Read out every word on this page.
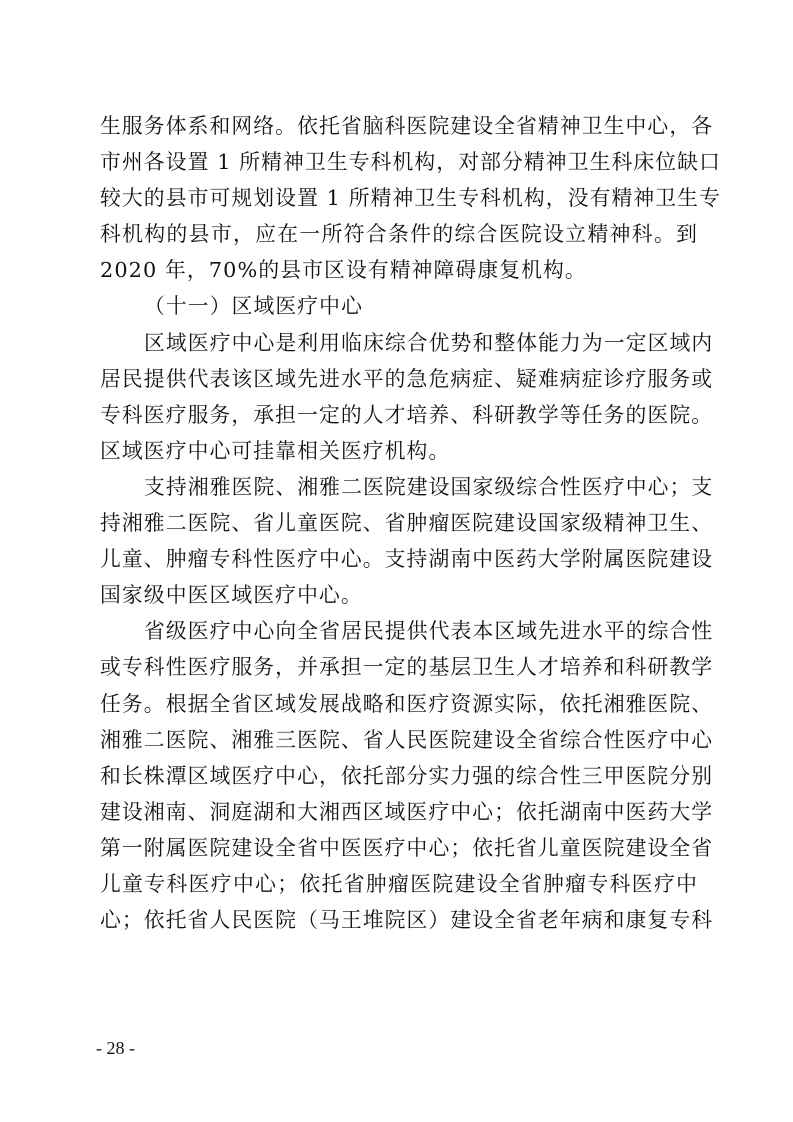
生服务体系和网络。依托省脑科医院建设全省精神卫生中心，各
市州各设置 1 所精神卫生专科机构，对部分精神卫生科床位缺口
较大的县市可规划设置 1 所精神卫生专科机构，没有精神卫生专
科机构的县市，应在一所符合条件的综合医院设立精神科。到
2020 年，70%的县市区设有精神障碍康复机构。
（十一）区域医疗中心
区域医疗中心是利用临床综合优势和整体能力为一定区域内
居民提供代表该区域先进水平的急危病症、疑难病症诊疗服务或
专科医疗服务，承担一定的人才培养、科研教学等任务的医院。
区域医疗中心可挂靠相关医疗机构。
支持湘雅医院、湘雅二医院建设国家级综合性医疗中心；支
持湘雅二医院、省儿童医院、省肿瘤医院建设国家级精神卫生、
儿童、肿瘤专科性医疗中心。支持湖南中医药大学附属医院建设
国家级中医区域医疗中心。
省级医疗中心向全省居民提供代表本区域先进水平的综合性
或专科性医疗服务，并承担一定的基层卫生人才培养和科研教学
任务。根据全省区域发展战略和医疗资源实际，依托湘雅医院、
湘雅二医院、湘雅三医院、省人民医院建设全省综合性医疗中心
和长株潭区域医疗中心，依托部分实力强的综合性三甲医院分别
建设湘南、洞庭湖和大湘西区域医疗中心；依托湖南中医药大学
第一附属医院建设全省中医医疗中心；依托省儿童医院建设全省
儿童专科医疗中心；依托省肿瘤医院建设全省肿瘤专科医疗中
心；依托省人民医院（马王堆院区）建设全省老年病和康复专科
- 28 -
